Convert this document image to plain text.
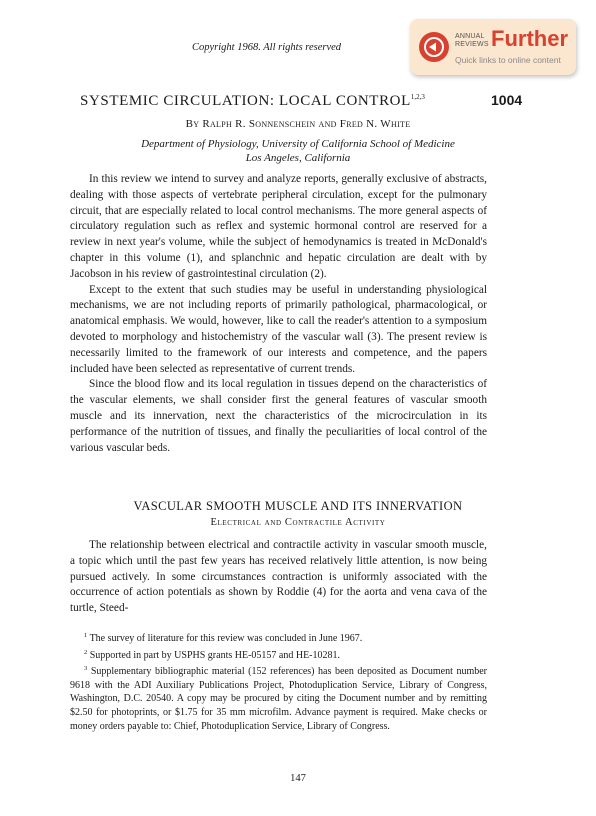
Copyright 1968. All rights reserved
ANNUAL
REVIEWS Further
Quick links to online content
SYSTEMIC CIRCULATION: LOCAL CONTROL$^{1,2,3}$	1004
By Ralph R. Sonnenschein and Fred N. White
Department of Physiology, University of California School of Medicine
Los Angeles, California

In this review we intend to survey and analyze reports, generally exclusive of abstracts, dealing with those aspects of vertebrate peripheral circulation, except for the pulmonary circuit, that are especially related to local control mechanisms. The more general aspects of circulatory regulation such as reflex and systemic hormonal control are reserved for a review in next year's volume, while the subject of hemodynamics is treated in McDonald's chapter in this volume (1), and splanchnic and hepatic circulation are dealt with by Jacobson in his review of gastrointestinal circulation (2).

Except to the extent that such studies may be useful in understanding physiological mechanisms, we are not including reports of primarily pathological, pharmacological, or anatomical emphasis. We would, however, like to call the reader's attention to a symposium devoted to morphology and histochemistry of the vascular wall (3). The present review is necessarily limited to the framework of our interests and competence, and the papers included have been selected as representative of current trends.

Since the blood flow and its local regulation in tissues depend on the characteristics of the vascular elements, we shall consider first the general features of vascular smooth muscle and its innervation, next the characteristics of the microcirculation in its performance of the nutrition of tissues, and finally the peculiarities of local control of the various vascular beds.

VASCULAR SMOOTH MUSCLE AND ITS INNERVATION
Electrical and Contractile Activity

The relationship between electrical and contractile activity in vascular smooth muscle, a topic which until the past few years has received relatively little attention, is now being pursued actively. In some circumstances contraction is uniformly associated with the occurrence of action potentials as shown by Roddie (4) for the aorta and vena cava of the turtle, Steed-

$^1$ The survey of literature for this review was concluded in June 1967.

$^2$ Supported in part by USPHS grants HE-05157 and HE-10281.

$^3$ Supplementary bibliographic material (152 references) has been deposited as Document number 9618 with the ADI Auxiliary Publications Project, Photoduplication Service, Library of Congress, Washington, D.C. 20540. A copy may be procured by citing the Document number and by remitting $2.50 for photoprints, or $1.75 for 35 mm microfilm. Advance payment is required. Make checks or money orders payable to: Chief, Photoduplication Service, Library of Congress.

147
